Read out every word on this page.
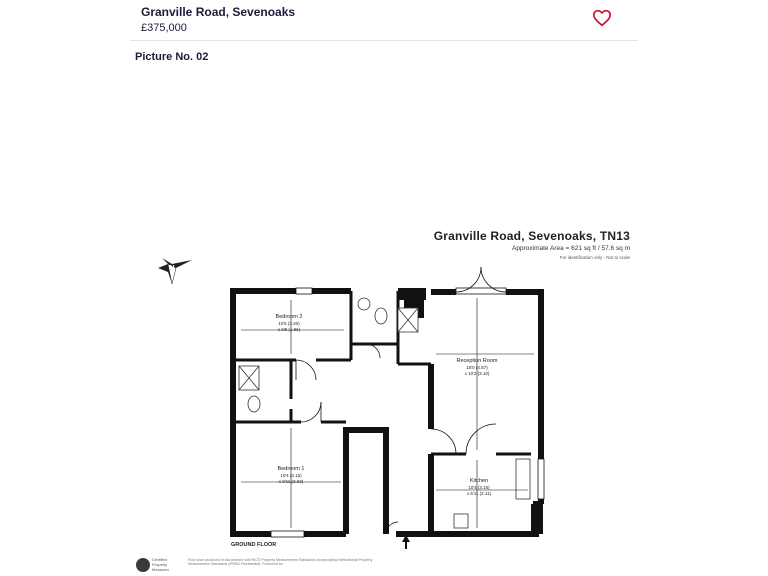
Granville Road, Sevenoaks
£375,000
Picture No. 02
Granville Road, Sevenoaks, TN13
Approximate Area = 621 sq ft / 57.6 sq m
For identification only - Not to scale
N
Bedroom 2
10'5 (3.20)
x 6'5 (1.96)
Reception Room
15'0 (4.57)
x 10'2 (3.10)
Bedroom 1
10'4 (3.15)
x 9'11 (3.03)	Kitchen
10'4 (3.15)
x 6'11 (2.11)
GROUND FLOOR
Certified Property Measurer
Floor plan produced in accordance with RICS Property Measurement Standards incorporating International Property Measurement Standards (IPMS2 Residential). Produced for
